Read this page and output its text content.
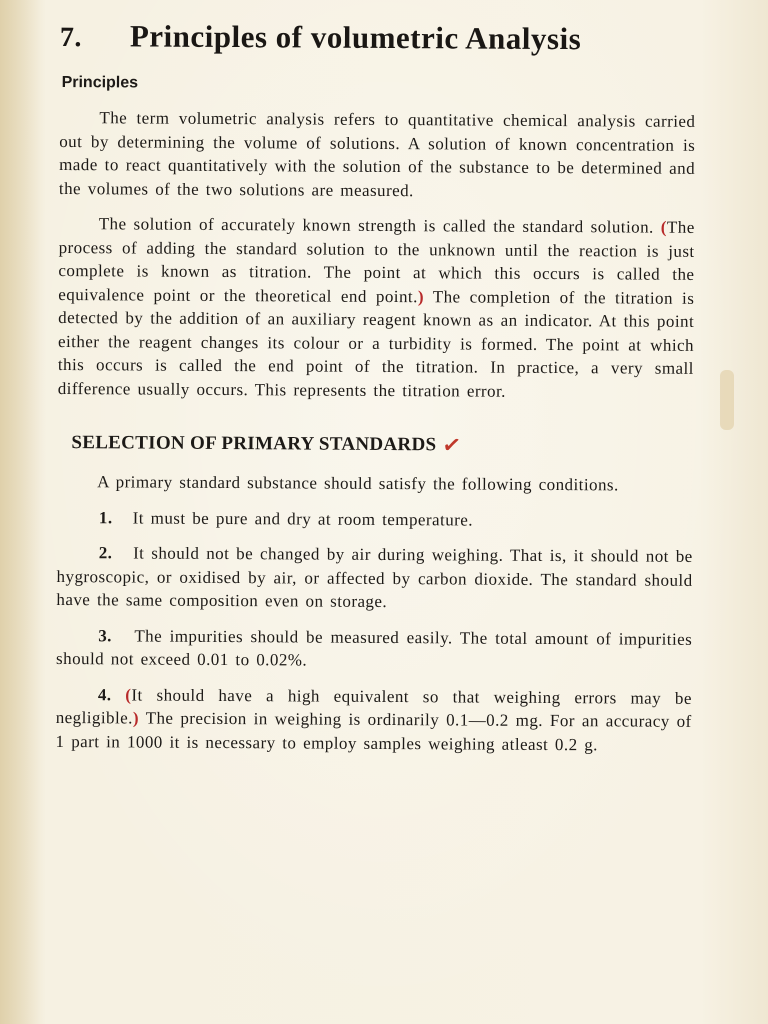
7.	Principles of volumetric Analysis
Principles

The term volumetric analysis refers to quantitative chemical analysis carried out by determining the volume of solutions. A solution of known concentration is made to react quantitatively with the solution of the substance to be determined and the volumes of the two solutions are measured.

The solution of accurately known strength is called the standard solution. (The process of adding the standard solution to the unknown until the reaction is just complete is known as titration. The point at which this occurs is called the equivalence point or the theoretical end point.) The completion of the titration is detected by the addition of an auxiliary reagent known as an indicator. At this point either the reagent changes its colour or a turbidity is formed. The point at which this occurs is called the end point of the titration. In practice, a very small difference usually occurs. This represents the titration error.

SELECTION OF PRIMARY STANDARDS ✓

A primary standard substance should satisfy the following conditions.

1. It must be pure and dry at room temperature.

2. It should not be changed by air during weighing. That is, it should not be hygroscopic, or oxidised by air, or affected by carbon dioxide. The standard should have the same composition even on storage.

3. The impurities should be measured easily. The total amount of impurities should not exceed 0.01 to 0.02%.

4. (It should have a high equivalent so that weighing errors may be negligible.) The precision in weighing is ordinarily 0.1—0.2 mg. For an accuracy of 1 part in 1000 it is necessary to employ samples weighing atleast 0.2 g.
